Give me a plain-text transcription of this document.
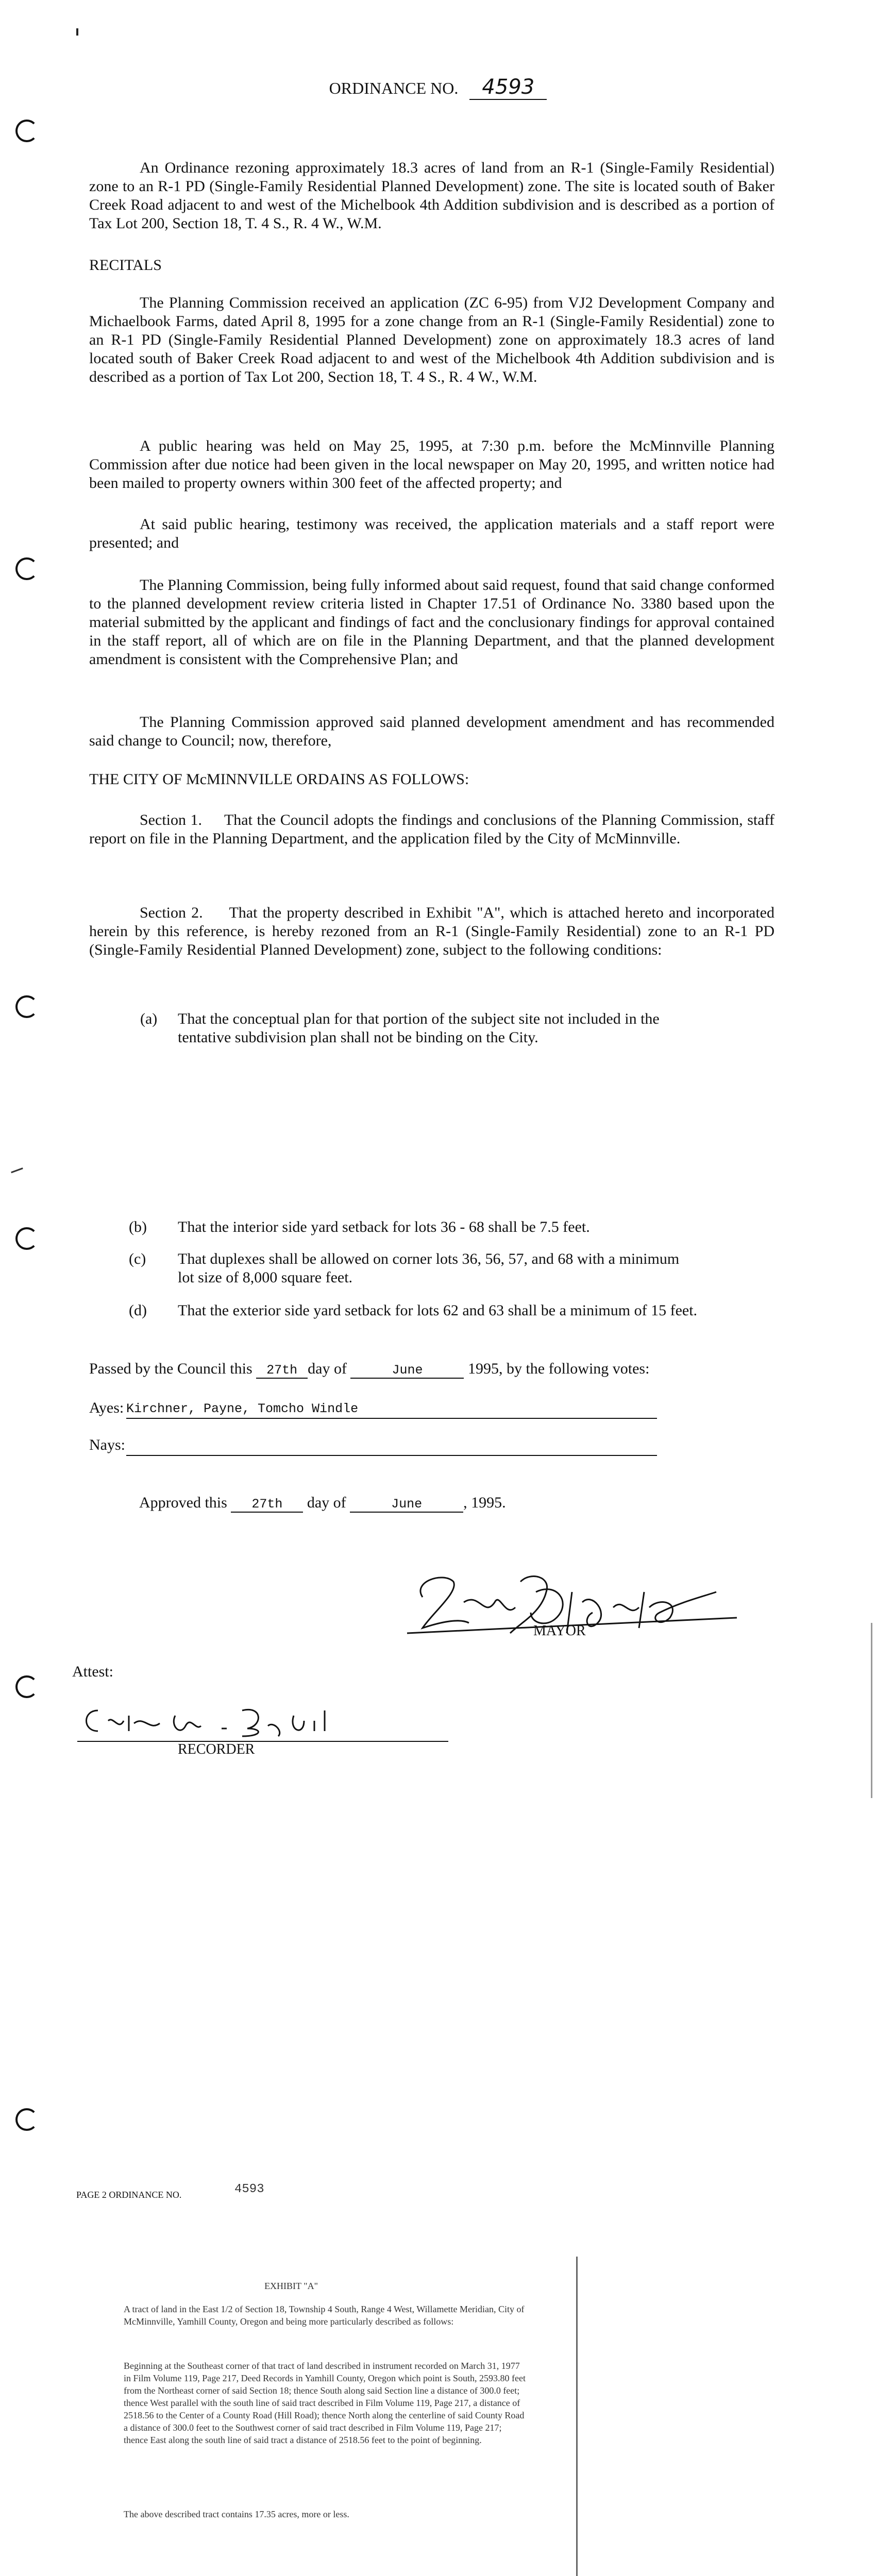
ORDINANCE NO. 4593
An Ordinance rezoning approximately 18.3 acres of land from an R-1 (Single-Family Residential) zone to an R-1 PD (Single-Family Residential Planned Development) zone. The site is located south of Baker Creek Road adjacent to and west of the Michelbook 4th Addition subdivision and is described as a portion of Tax Lot 200, Section 18, T. 4 S., R. 4 W., W.M.
RECITALS
The Planning Commission received an application (ZC 6-95) from VJ2 Development Company and Michaelbook Farms, dated April 8, 1995 for a zone change from an R-1 (Single-Family Residential) zone to an R-1 PD (Single-Family Residential Planned Development) zone on approximately 18.3 acres of land located south of Baker Creek Road adjacent to and west of the Michelbook 4th Addition subdivision and is described as a portion of Tax Lot 200, Section 18, T. 4 S., R. 4 W., W.M.
A public hearing was held on May 25, 1995, at 7:30 p.m. before the McMinnville Planning Commission after due notice had been given in the local newspaper on May 20, 1995, and written notice had been mailed to property owners within 300 feet of the affected property; and
At said public hearing, testimony was received, the application materials and a staff report were presented; and
The Planning Commission, being fully informed about said request, found that said change conformed to the planned development review criteria listed in Chapter 17.51 of Ordinance No. 3380 based upon the material submitted by the applicant and findings of fact and the conclusionary findings for approval contained in the staff report, all of which are on file in the Planning Department, and that the planned development amendment is consistent with the Comprehensive Plan; and
The Planning Commission approved said planned development amendment and has recommended said change to Council; now, therefore,
THE CITY OF McMINNVILLE ORDAINS AS FOLLOWS:
Section 1. That the Council adopts the findings and conclusions of the Planning Commission, staff report on file in the Planning Department, and the application filed by the City of McMinnville.
Section 2. That the property described in Exhibit "A", which is attached hereto and incorporated herein by this reference, is hereby rezoned from an R-1 (Single-Family Residential) zone to an R-1 PD (Single-Family Residential Planned Development) zone, subject to the following conditions:
(a) That the conceptual plan for that portion of the subject site not included in the tentative subdivision plan shall not be binding on the City.
(b) That the interior side yard setback for lots 36 - 68 shall be 7.5 feet.
(c) That duplexes shall be allowed on corner lots 36, 56, 57, and 68 with a minimum lot size of 8,000 square feet.
(d) That the exterior side yard setback for lots 62 and 63 shall be a minimum of 15 feet.
Passed by the Council this 27th day of	June	1995, by the following votes:
Ayes: Kirchner, Payne, Tomcho Windle
Nays:
Approved this 27th day of	June	, 1995.
MAYOR
Attest:
RECORDER
PAGE 2 ORDINANCE NO.	4593
EXHIBIT "A"
A tract of land in the East 1/2 of Section 18, Township 4 South, Range 4 West, Willamette Meridian, City of McMinnville, Yamhill County, Oregon and being more particularly described as follows:
Beginning at the Southeast corner of that tract of land described in instrument recorded on March 31, 1977 in Film Volume 119, Page 217, Deed Records in Yamhill County, Oregon which point is South, 2593.80 feet from the Northeast corner of said Section 18; thence South along said Section line a distance of 300.0 feet; thence West parallel with the south line of said tract described in Film Volume 119, Page 217, a distance of 2518.56 to the Center of a County Road (Hill Road); thence North along the centerline of said County Road a distance of 300.0 feet to the Southwest corner of said tract described in Film Volume 119, Page 217; thence East along the south line of said tract a distance of 2518.56 feet to the point of beginning.
The above described tract contains 17.35 acres, more or less.
